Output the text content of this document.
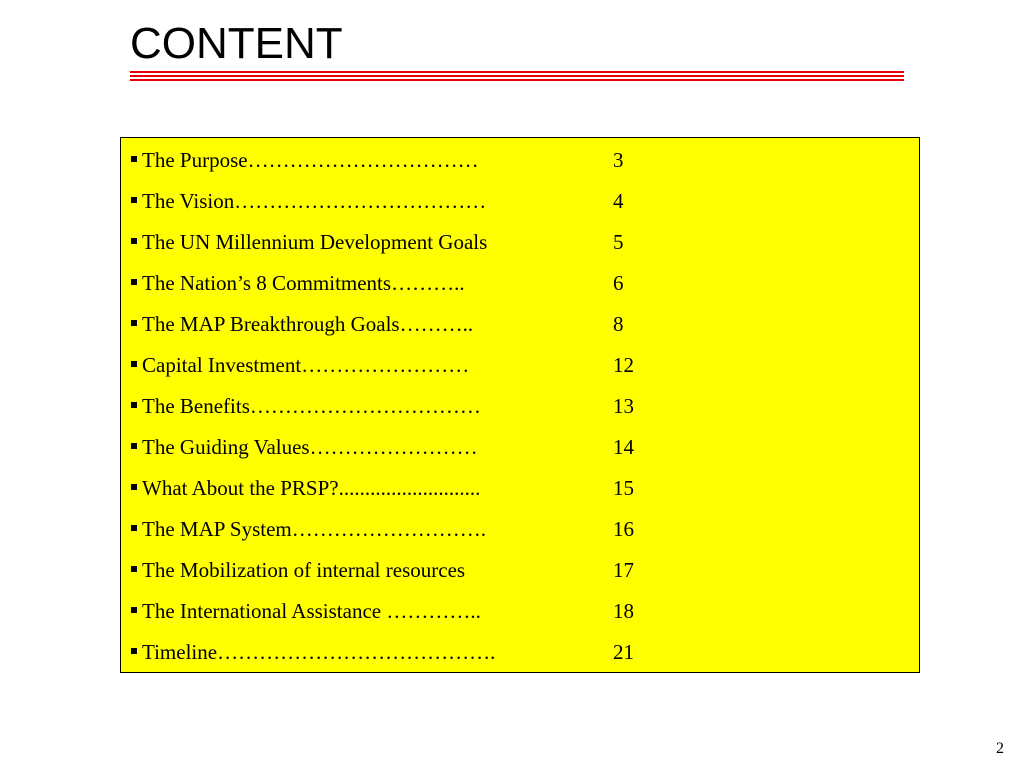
CONTENT
The Purpose……………………………	3
The Vision………………………………	4
The UN Millennium Development Goals	5
The Nation’s 8 Commitments………..	6
The MAP Breakthrough Goals………..	8
Capital Investment……………………	12
The Benefits……………………………	13
The Guiding Values……………………	14
What About the PRSP?...........................	15
The MAP System……………………….	16
The Mobilization of internal resources	17
The International Assistance …………..	18
Timeline………………………………….	21
2
